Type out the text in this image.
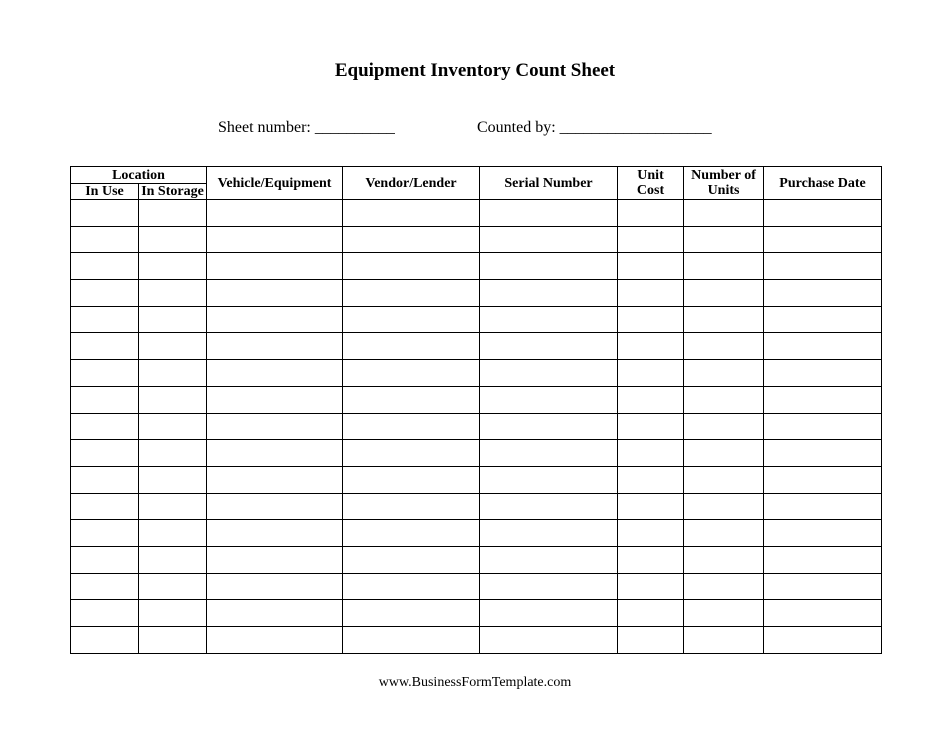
Equipment Inventory Count Sheet
Sheet number: __________	Counted by: ___________________
Location		Vehicle/Equipment	Vendor/Lender	Serial Number	Unit Cost	Number of Units	Purchase Date
In Use	In Storage						

www.BusinessFormTemplate.com
